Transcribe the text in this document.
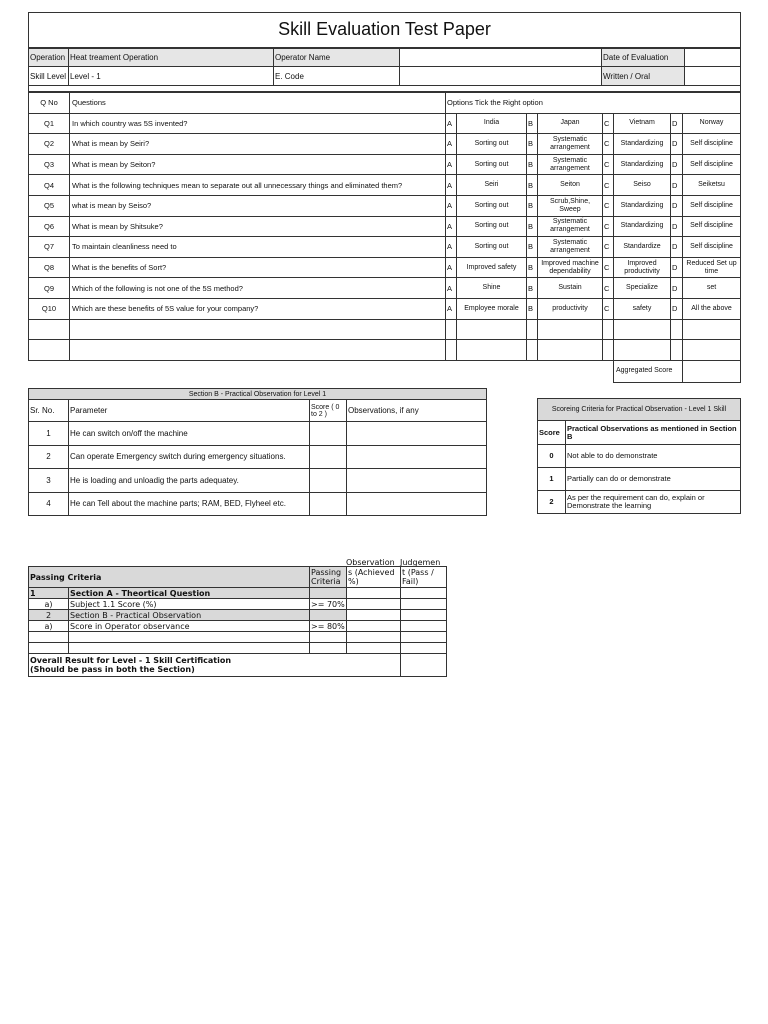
Skill Evaluation Test Paper					
Operation	Heat treament Operation	Operator Name		Date of Evaluation	
Skill Level	Level - 1	E. Code		Written / Oral	

Q No	Questions	Options Tick the Right option							
Q1	In which country was 5S invented?	A	India	B	Japan	C	Vietnam	D	Norway
Q2	What is mean by Seiri?	A	Sorting out	B	Systematic arrangement	C	Standardizing	D	Self discipline
Q3	What is mean by Seiton?	A	Sorting out	B	Systematic arrangement	C	Standardizing	D	Self discipline
Q4	What is the following techniques mean to separate out all unnecessary things and eliminated them?	A	Seiri	B	Seiton	C	Seiso	D	Seiketsu
Q5	what is mean by Seiso?	A	Sorting out	B	Scrub,Shine, Sweep	C	Standardizing	D	Self discipline
Q6	What is mean by Shitsuke?	A	Sorting out	B	Systematic arrangement	C	Standardizing	D	Self discipline
Q7	To maintain cleanliness need to	A	Sorting out	B	Systematic arrangement	C	Standardize	D	Self discipline
Q8	What is the benefits of Sort?	A	Improved safety	B	Improved machine dependability	C	Improved productivity	D	Reduced Set up time
Q9	Which of the following is not one of the 5S method?	A	Shine	B	Sustain	C	Specialize	D	set
Q10	Which are these benefits of 5S value for your company?	A	Employee morale	B	productivity	C	safety	D	All the above

							Aggregated Score		
Section B - Practical Observation for Level 1			
Sr. No.	Parameter	Score ( 0 to 2 )	Observations, if any
1	He can switch on/off the machine		
2	Can operate Emergency switch during emergency situations.		
3	He is loading and unloadig the parts adequatey.		
4	He can Tell about the machine parts; RAM, BED, Flyheel etc.		
Scoreing Criteria for Practical Observation - Level 1 Skill	
Score	Practical Observations as mentioned in Section B
0	Not able to do demonstrate
1	Partially can do or demonstrate
2	As per the requirement can do, explain or Demonstrate the learning
Observation Judgemen
Passing Criteria		Passing Criteria	s (Achieved %)	t (Pass / Fail)
1	Section A - Theortical Question			
a)	Subject 1.1 Score (%)	>= 70%		
2	Section B - Practical Observation			
a)	Score in Operator observance	>= 80%		

Overall Result for Level - 1 Skill Certification
(Should be pass in both the Section)				
